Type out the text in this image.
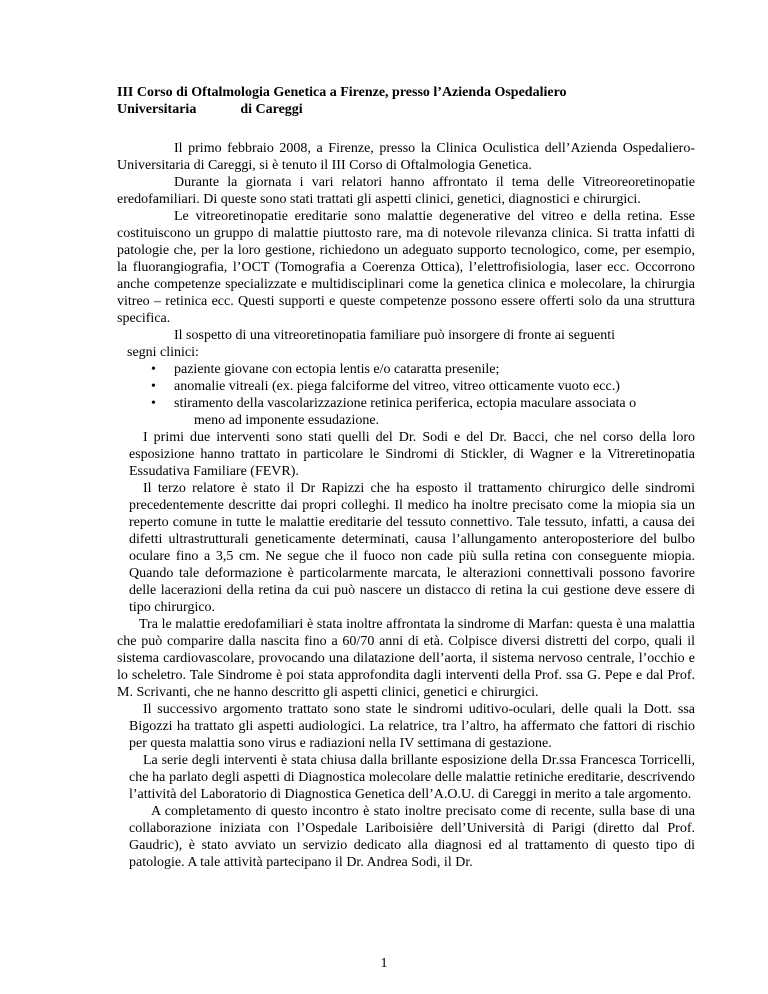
III Corso di Oftalmologia Genetica a Firenze, presso l’Azienda Ospedaliero
Universitaria	di Careggi

Il primo febbraio 2008, a Firenze, presso la Clinica Oculistica dell’Azienda Ospedaliero-Universitaria di Careggi, si è tenuto il III Corso di Oftalmologia Genetica.

Durante la giornata i vari relatori hanno affrontato il tema delle Vitreoreoretinopatie eredofamiliari. Di queste sono stati trattati gli aspetti clinici, genetici, diagnostici e chirurgici.

Le vitreoretinopatie ereditarie sono malattie degenerative del vitreo e della retina. Esse costituiscono un gruppo di malattie piuttosto rare, ma di notevole rilevanza clinica. Si tratta infatti di patologie che, per la loro gestione, richiedono un adeguato supporto tecnologico, come, per esempio, la fluorangiografia, l’OCT (Tomografia a Coerenza Ottica), l’elettrofisiologia, laser ecc. Occorrono anche competenze specializzate e multidisciplinari come la genetica clinica e molecolare, la chirurgia vitreo – retinica ecc. Questi supporti e queste competenze possono essere offerti solo da una struttura specifica.

Il sospetto di una vitreoretinopatia familiare può insorgere di fronte ai seguenti

segni clinici:

• paziente giovane con ectopia lentis e/o cataratta presenile;
• anomalie vitreali (ex. piega falciforme del vitreo, vitreo otticamente vuoto ecc.)
• stiramento della vascolarizzazione retinica periferica, ectopia maculare associata o
meno ad imponente essudazione.

I primi due interventi sono stati quelli del Dr. Sodi e del Dr. Bacci, che nel corso della loro esposizione hanno trattato in particolare le Sindromi di Stickler, di Wagner e la Vitreretinopatia Essudativa Familiare (FEVR).

Il terzo relatore è stato il Dr Rapizzi che ha esposto il trattamento chirurgico delle sindromi precedentemente descritte dai propri colleghi. Il medico ha inoltre precisato come la miopia sia un reperto comune in tutte le malattie ereditarie del tessuto connettivo. Tale tessuto, infatti, a causa dei difetti ultrastrutturali geneticamente determinati, causa l’allungamento anteroposteriore del bulbo oculare fino a 3,5 cm. Ne segue che il fuoco non cade più sulla retina con conseguente miopia. Quando tale deformazione è particolarmente marcata, le alterazioni connettivali possono favorire delle lacerazioni della retina da cui può nascere un distacco di retina la cui gestione deve essere di tipo chirurgico.

Tra le malattie eredofamiliari è stata inoltre affrontata la sindrome di Marfan: questa è una malattia che può comparire dalla nascita fino a 60/70 anni di età. Colpisce diversi distretti del corpo, quali il sistema cardiovascolare, provocando una dilatazione dell’aorta, il sistema nervoso centrale, l’occhio e lo scheletro. Tale Sindrome è poi stata approfondita dagli interventi della Prof. ssa G. Pepe e dal Prof. M. Scrivanti, che ne hanno descritto gli aspetti clinici, genetici e chirurgici.

Il successivo argomento trattato sono state le sindromi uditivo-oculari, delle quali la Dott. ssa Bigozzi ha trattato gli aspetti audiologici. La relatrice, tra l’altro, ha affermato che fattori di rischio per questa malattia sono virus e radiazioni nella IV settimana di gestazione.

La serie degli interventi è stata chiusa dalla brillante esposizione della Dr.ssa Francesca Torricelli, che ha parlato degli aspetti di Diagnostica molecolare delle malattie retiniche ereditarie, descrivendo l’attività del Laboratorio di Diagnostica Genetica dell’A.O.U. di Careggi in merito a tale argomento.

A completamento di questo incontro è stato inoltre precisato come di recente, sulla base di una collaborazione iniziata con l’Ospedale Lariboisière dell’Università di Parigi (diretto dal Prof. Gaudric), è stato avviato un servizio dedicato alla diagnosi ed al trattamento di questo tipo di patologie. A tale attività partecipano il Dr. Andrea Sodi, il Dr.

1
